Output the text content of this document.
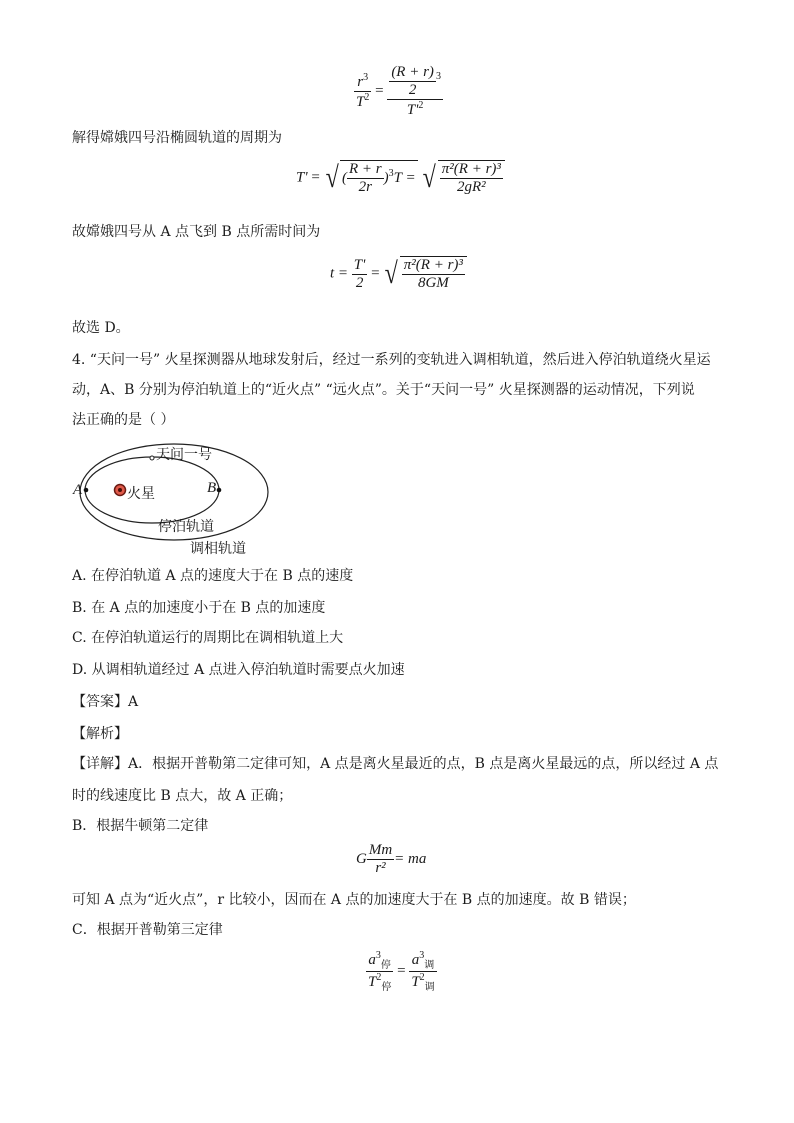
$\frac{r^3}{T^2} = \frac{\frac{(R + r)}{2} ^3}{T'^2}$
解得嫦娥四号沿椭圆轨道的周期为
T' = √ ( $\frac{R + r}{2r} )^3T$ = √ $\frac{\text{π²(R + r)³}}{\text{2gR²}}$
故嫦娥四号从 A 点飞到 B 点所需时间为
$t = \frac{T'}{2}$ = √ $\frac{\text{π²(R + r)³}}{8GM}$
故选 D。
4. “天问一号” 火星探测器从地球发射后，经过一系列的变轨进入调相轨道，然后进入停泊轨道绕火星运
动，A、B 分别为停泊轨道上的“近火点” “远火点”。关于“天问一号” 火星探测器的运动情况，下列说
法正确的是（ ）
天问一号
A	B
火星
停泊轨道
调相轨道
A. 在停泊轨道 A 点的速度大于在 B 点的速度
B. 在 A 点的加速度小于在 B 点的加速度
C. 在停泊轨道运行的周期比在调相轨道上大
D. 从调相轨道经过 A 点进入停泊轨道时需要点火加速
【答案】A
【解析】
【详解】A．根据开普勒第二定律可知，A 点是离火星最近的点，B 点是离火星最远的点，所以经过 A 点
时的线速度比 B 点大，故 A 正确；
B．根据牛顿第二定律
G $\frac{Mm}{\text{r²}}$ = ma
可知 A 点为“近火点”，r 比较小，因而在 A 点的加速度大于在 B 点的加速度。故 B 错误；
C．根据开普勒第三定律
$\frac{a^3_停}{T^2_停} = \frac{a^3_调}{T^2_调}$
